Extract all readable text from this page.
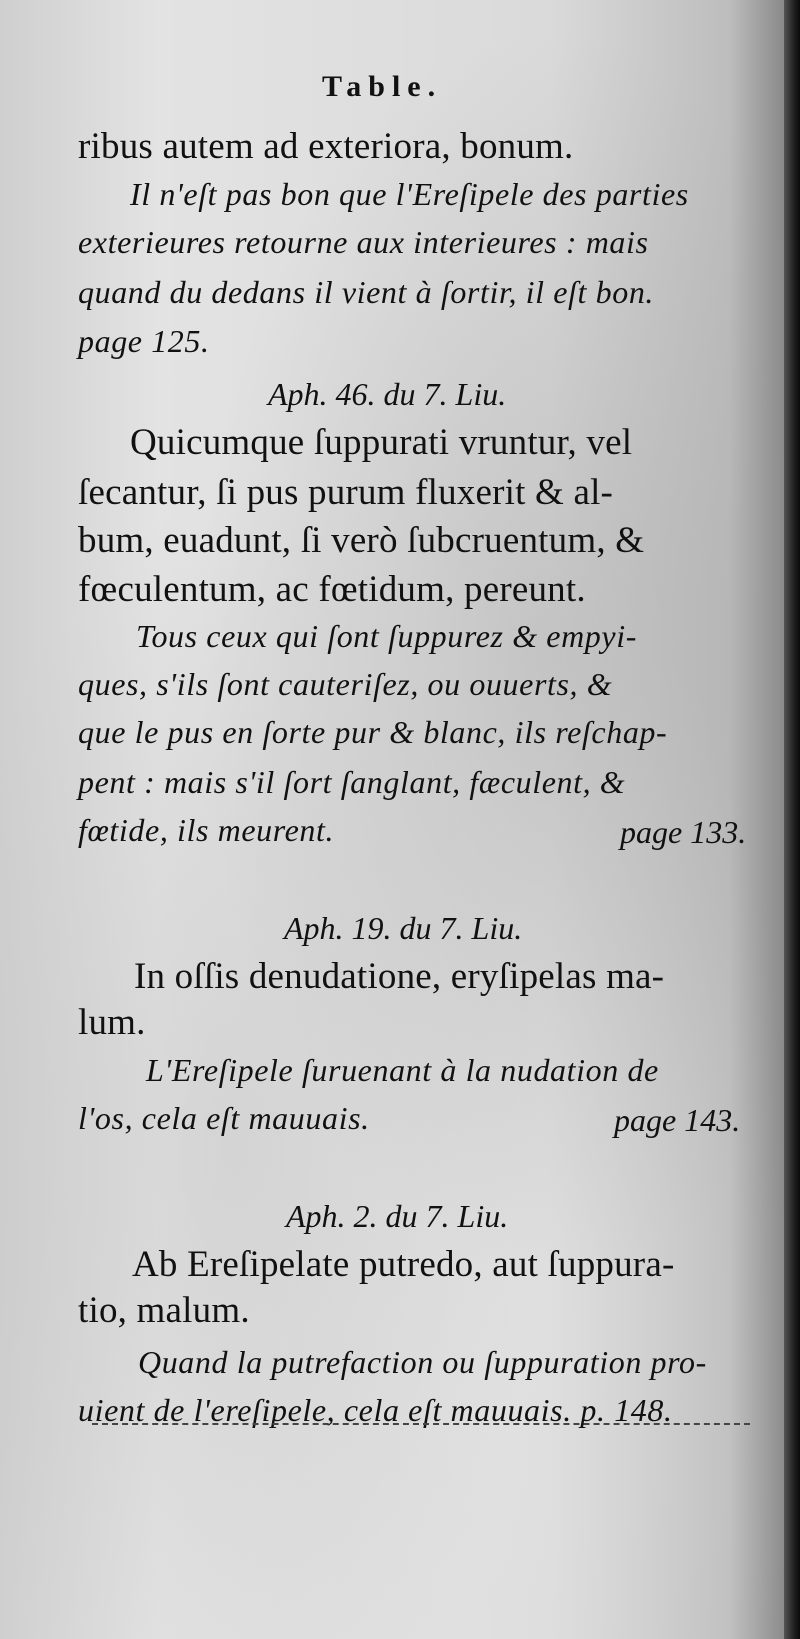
Table.
ribus autem ad exteriora, bonum.
Il n'eſt pas bon que l'Ereſipele des parties
exterieures retourne aux interieures : mais
quand du dedans il vient à ſortir, il eſt bon.
page 125.
Aph. 46. du 7. Liu.
Quicumque ſuppurati vruntur, vel
ſecantur, ſi pus purum fluxerit & al-
bum, euadunt, ſi verò ſubcruentum, &
fœculentum, ac fœtidum, pereunt.
Tous ceux qui ſont ſuppurez & empyi-
ques, s'ils ſont cauteriſez, ou ouuerts, &
que le pus en ſorte pur & blanc, ils reſchap-
pent : mais s'il ſort ſanglant, fæculent, &
fœtide, ils meurent.	page 133.
Aph. 19. du 7. Liu.
In oſſis denudatione, eryſipelas ma-
lum.
L'Ereſipele ſuruenant à la nudation de
l'os, cela eſt mauuais.	page 143.
Aph. 2. du 7. Liu.
Ab Ereſipelate putredo, aut ſuppura-
tio, malum.
Quand la putrefaction ou ſuppuration pro-
uient de l'ereſipele, cela eſt mauuais. p. 148.
